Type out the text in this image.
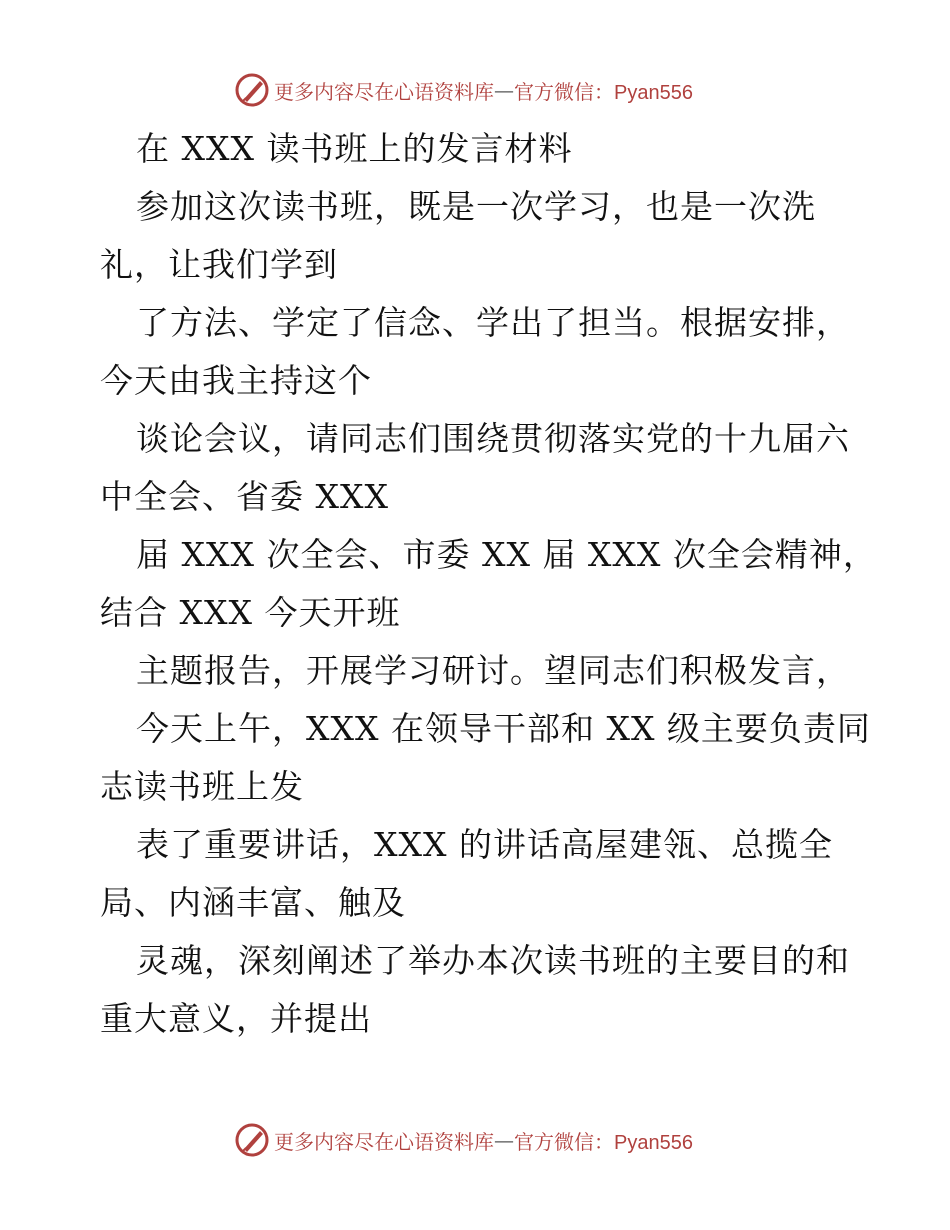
更多内容尽在心语资料库 — 官方微信：Pyan556
在 XXX 读书班上的发言材料
参加这次读书班，既是一次学习，也是一次洗
礼，让我们学到
了方法、学定了信念、学出了担当。根据安排，
今天由我主持这个
谈论会议，请同志们围绕贯彻落实党的十九届六
中全会、省委 XXX
届 XXX 次全会、市委 XX 届 XXX 次全会精神，
结合 XXX 今天开班
主题报告，开展学习研讨。望同志们积极发言，
今天上午，XXX 在领导干部和 XX 级主要负责同
志读书班上发
表了重要讲话，XXX 的讲话高屋建瓴、总揽全
局、内涵丰富、触及
灵魂，深刻阐述了举办本次读书班的主要目的和
重大意义，并提出
更多内容尽在心语资料库 — 官方微信：Pyan556
